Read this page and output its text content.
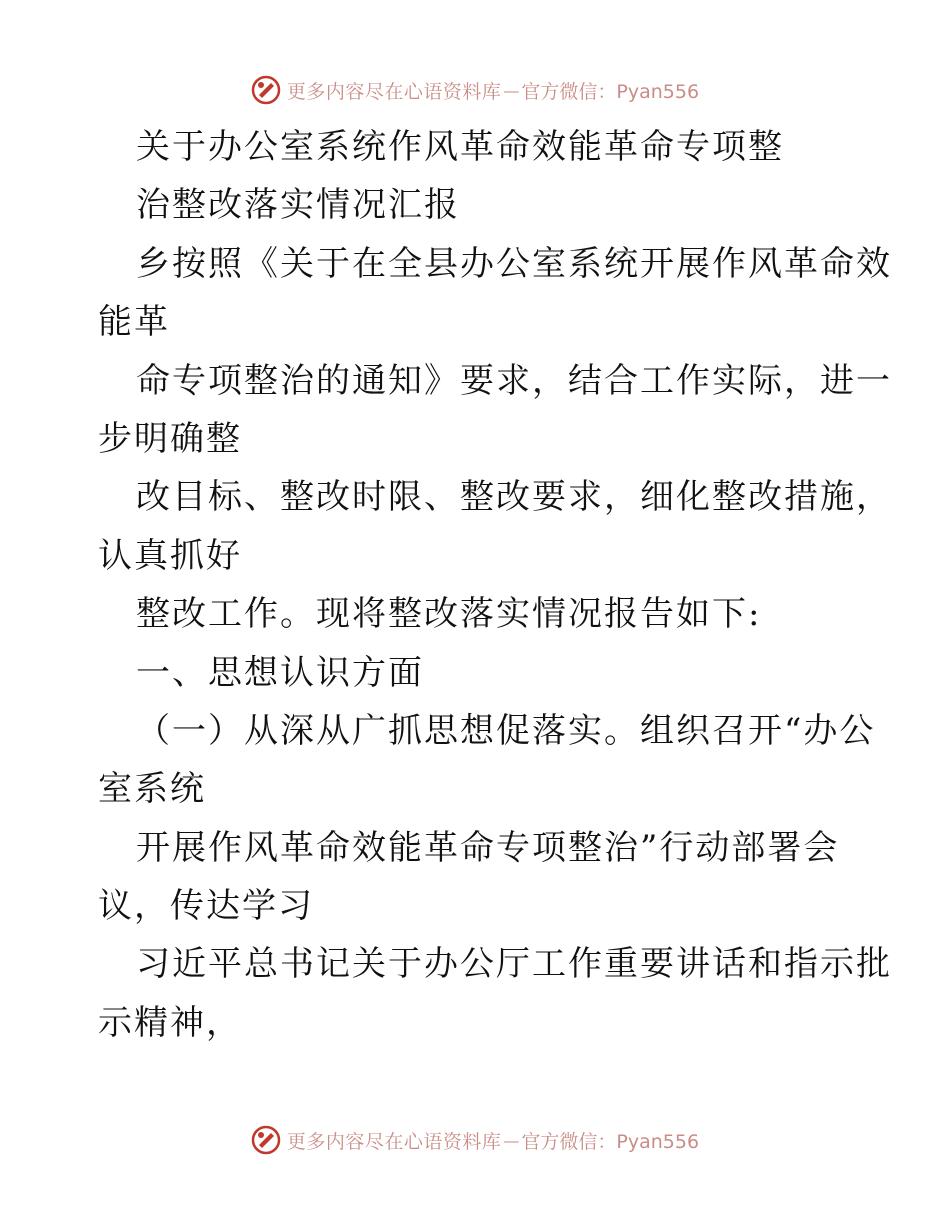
更多内容尽在心语资料库 — 官方微信：Pyan556
关于办公室系统作风革命效能革命专项整
治整改落实情况汇报
乡按照《关于在全县办公室系统开展作风革命效
能革
命专项整治的通知》要求，结合工作实际，进一
步明确整
改目标、整改时限、整改要求，细化整改措施，
认真抓好
整改工作。现将整改落实情况报告如下:
一、思想认识方面
（一）从深从广抓思想促落实。组织召开“办公
室系统
开展作风革命效能革命专项整治”行动部署会
议，传达学习
习近平总书记关于办公厅工作重要讲话和指示批
示精神，
更多内容尽在心语资料库 — 官方微信：Pyan556
